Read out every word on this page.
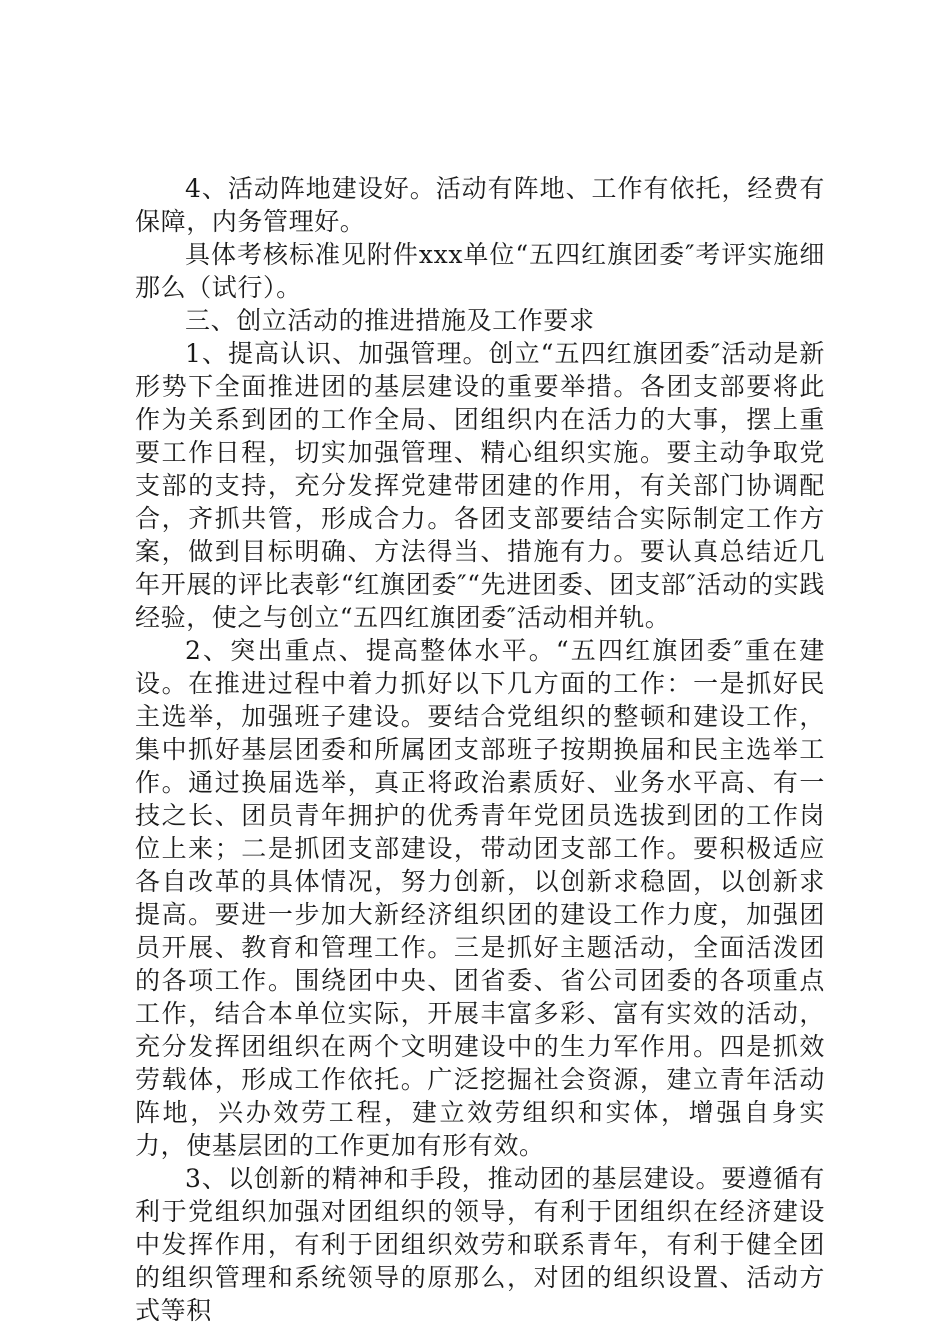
4、活动阵地建设好。活动有阵地、工作有依托，经费有保障，内务管理好。

具体考核标准见附件xxx单位“五四红旗团委″考评实施细那么（试行）。

三、创立活动的推进措施及工作要求

1、提高认识、加强管理。创立“五四红旗团委″活动是新形势下全面推进团的基层建设的重要举措。各团支部要将此作为关系到团的工作全局、团组织内在活力的大事，摆上重要工作日程，切实加强管理、精心组织实施。要主动争取党支部的支持，充分发挥党建带团建的作用，有关部门协调配合，齐抓共管，形成合力。各团支部要结合实际制定工作方案，做到目标明确、方法得当、措施有力。要认真总结近几年开展的评比表彰“红旗团委″“先进团委、团支部″活动的实践经验，使之与创立“五四红旗团委″活动相并轨。

2、突出重点、提高整体水平。“五四红旗团委″重在建设。在推进过程中着力抓好以下几方面的工作：一是抓好民主选举，加强班子建设。要结合党组织的整顿和建设工作，集中抓好基层团委和所属团支部班子按期换届和民主选举工作。通过换届选举，真正将政治素质好、业务水平高、有一技之长、团员青年拥护的优秀青年党团员选拔到团的工作岗位上来；二是抓团支部建设，带动团支部工作。要积极适应各自改革的具体情况，努力创新，以创新求稳固，以创新求提高。要进一步加大新经济组织团的建设工作力度，加强团员开展、教育和管理工作。三是抓好主题活动，全面活泼团的各项工作。围绕团中央、团省委、省公司团委的各项重点工作，结合本单位实际，开展丰富多彩、富有实效的活动，充分发挥团组织在两个文明建设中的生力军作用。四是抓效劳载体，形成工作依托。广泛挖掘社会资源，建立青年活动阵地，兴办效劳工程，建立效劳组织和实体，增强自身实力，使基层团的工作更加有形有效。

3、以创新的精神和手段，推动团的基层建设。要遵循有利于党组织加强对团组织的领导，有利于团组织在经济建设中发挥作用，有利于团组织效劳和联系青年，有利于健全团的组织管理和系统领导的原那么，对团的组织设置、活动方式等积
